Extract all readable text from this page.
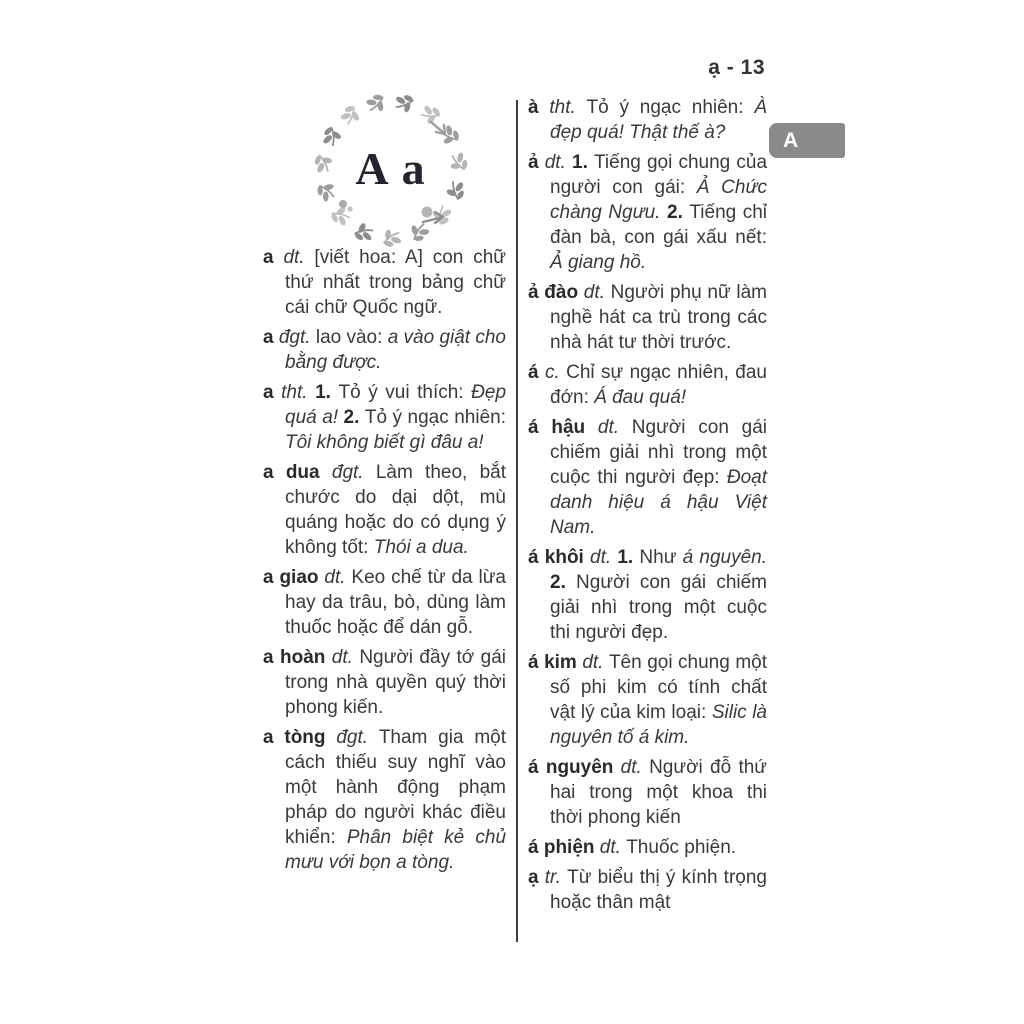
ạ - 13
A
A a

a dt. [viết hoa: A] con chữ thứ nhất trong bảng chữ cái chữ Quốc ngữ.

a đgt. lao vào: a vào giật cho bằng được.

a tht. 1. Tỏ ý vui thích: Đẹp quá a! 2. Tỏ ý ngạc nhiên: Tôi không biết gì đâu a!

a dua đgt. Làm theo, bắt chước do dại dột, mù quáng hoặc do có dụng ý không tốt: Thói a dua.

a giao dt. Keo chế từ da lừa hay da trâu, bò, dùng làm thuốc hoặc để dán gỗ.

a hoàn dt. Người đầy tớ gái trong nhà quyền quý thời phong kiến.

a tòng đgt. Tham gia một cách thiếu suy nghĩ vào một hành động phạm pháp do người khác điều khiển: Phân biệt kẻ chủ mưu với bọn a tòng.

à tht. Tỏ ý ngạc nhiên: À đẹp quá! Thật thế à?

ả dt. 1. Tiếng gọi chung của người con gái: Ả Chức chàng Ngưu. 2. Tiếng chỉ đàn bà, con gái xấu nết: Ả giang hồ.

ả đào dt. Người phụ nữ làm nghề hát ca trù trong các nhà hát tư thời trước.

á c. Chỉ sự ngạc nhiên, đau đớn: Á đau quá!

á hậu dt. Người con gái chiếm giải nhì trong một cuộc thi người đẹp: Đoạt danh hiệu á hậu Việt Nam.

á khôi dt. 1. Như á nguyên. 2. Người con gái chiếm giải nhì trong một cuộc thi người đẹp.

á kim dt. Tên gọi chung một số phi kim có tính chất vật lý của kim loại: Silic là nguyên tố á kim.

á nguyên dt. Người đỗ thứ hai trong một khoa thi thời phong kiến

á phiện dt. Thuốc phiện.

ạ tr. Từ biểu thị ý kính trọng hoặc thân mật
